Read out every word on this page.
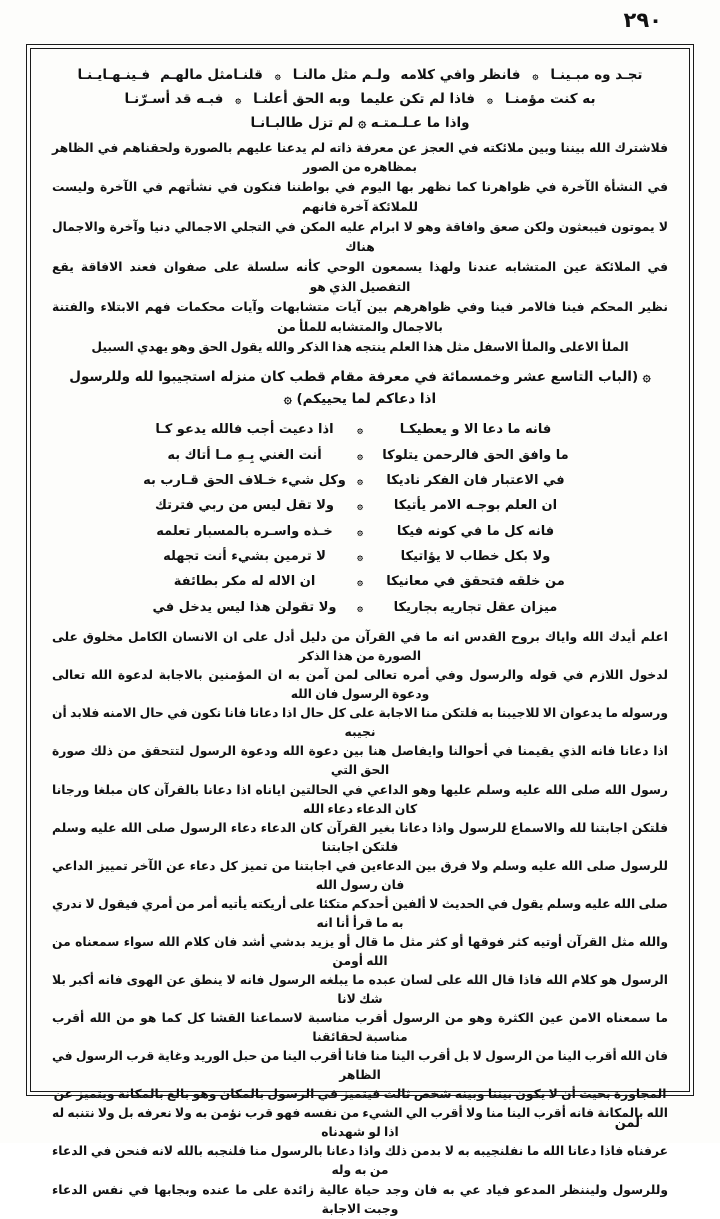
٢٩٠
تجـد وه مبـينـا
۞
فانظر وافي كلامه
ولـم مثل مالنـا
۞
قلنـامثل مالهـم
فـينـهـايـنـا
به كنت مؤمنـا
۞
فاذا لم تكن عليما
وبه الحق أعلنـا
۞
فبـه قد أسـرّنـا
واذا ما عـلـمتـه ۞ لم تزل طالبـانـا
فلاشترك الله بيننا وبين ملائكته في العجز عن معرفة ذاته لم يدعنا عليهم بالصورة ولحقناهم في الظاهر بمظاهره من الصور
في النشأة الآخرة في ظواهرنا كما نظهر بها اليوم في بواطننا فنكون في نشأتهم في الآخرة وليست للملائكة آخرة فانهم
لا يموتون فيبعثون ولكن صعق وافاقة وهو لا ابرام عليه المكن في التجلي الاجمالي دنيا وآخرة والاجمال هناك
في الملائكة عين المتشابه عندنا ولهذا يسمعون الوحي كأنه سلسلة على صفوان فعند الافاقة يقع التفصيل الذي هو
نظير المحكم فينا فالامر فينا وفي ظواهرهم بين آيات متشابهات وآيات محكمات فهم الابتلاء والفتنة بالاجمال والمتشابه للملأ من
الملأ الاعلى والملأ الاسفل مثل هذا العلم ينتجه هذا الذكر والله يقول الحق وهو يهدي السبيل
۞ (الباب التاسع عشر وخمسمائة في معرفة مقام قطب كان منزله استجيبوا لله وللرسول
اذا دعاكم لما يحييكم) ۞
فانه ما دعا الا و يعطيكـا
۞
اذا دعيت أجب فالله يدعو كـا
ما وافق الحق فالرحمن يتلوكا
۞
أنت الغني بِـهِ مـا أتاك به
في الاعتبار فان الفكر ناديكا
۞
وكل شيء خـلاف الحق قـارب به
ان العلم بوجـه الامر يأتيكا
۞
ولا تقل ليس من ربي فترتك
فانه كل ما في كونه فيكا
۞
خـذه واسـره بالمسبار تعلمه
ولا بكل خطاب لا يؤاتيكا
۞
لا ترمين بشيء أنت تجهله
من خلقه فتحقق في معانيكا
۞
ان الاله له مكر بطائفة
ميزان عقل تجاريه بجاريكا
۞
ولا تقولن هذا ليس يدخل في
اعلم أيدك الله واياك بروح القدس انه ما في القرآن من دليل أدل على ان الانسان الكامل مخلوق على الصورة من هذا الذكر
لدخول اللازم في قوله والرسول وفي أمره تعالى لمن آمن به ان المؤمنين بالاجابة لدعوة الله تعالى ودعوة الرسول فان الله
ورسوله ما يدعوان الا للاجيبنا به فلتكن منا الاجابة على كل حال اذا دعانا فانا نكون في حال الامنه فلابد أن نجيبه
اذا دعانا فانه الذي يقيمنا في أحوالنا وايفاصل هنا بين دعوة الله ودعوة الرسول لتتحقق من ذلك صورة الحق التي
رسول الله صلى الله عليه وسلم عليها وهو الداعي في الحالتين اياناه اذا دعانا بالقرآن كان مبلغا ورجانا كان الدعاء دعاء الله
فلتكن اجابتنا لله والاسماع للرسول واذا دعانا بغير القرآن كان الدعاء دعاء الرسول صلى الله عليه وسلم فلتكن اجابتنا
للرسول صلى الله عليه وسلم ولا فرق بين الدعاءين في اجابتنا من تميز كل دعاء عن الآخر تمييز الداعي فان رسول الله
صلى الله عليه وسلم يقول في الحديث لا ألفين أحدكم متكئا على أريكته يأتيه أمر من أمري فيقول لا ندري به ما قرأ أنا انه
والله مثل القرآن أوتيه كثر فوقها أو كثر مثل ما قال أو يزيد بدشي أشد فان كلام الله سواء سمعناه من الله أومن
الرسول هو كلام الله فاذا قال الله على لسان عبده ما يبلغه الرسول فانه لا ينطق عن الهوى فانه أكبر بلا شك لانا
ما سمعناه الامن عين الكثرة وهو من الرسول أقرب مناسبة لاسماعنا القشا كل كما هو من الله أقرب مناسبة لحقائقنا
فان الله أقرب الينا من الرسول لا بل أقرب الينا منا فانا أقرب الينا من حبل الوريد وغاية قرب الرسول في الظاهر
المجاورة بحيث أن لا يكون بيننا وبينه شخص ثالث فيتميز في الرسول بالمكان وهو بالغ بالمكانة ويتميز عن
الله بالمكانة فانه أقرب الينا منا ولا أقرب الي الشيء من نفسه فهو قرب نؤمن به ولا نعرفه بل ولا نتنبه له اذا لو شهدناه
عرفناه فاذا دعانا الله ما نفلنجيبه به لا بدمن ذلك واذا دعانا بالرسول منا فلنجبه بالله لانه فنحن في الدعاء من به وله
وللرسول وليننظر المدعو فياد عي به فان وجد حياة عالية زائدة على ما عنده وبجابها في نفس الدعاء وجبت الاجابة
لمن
